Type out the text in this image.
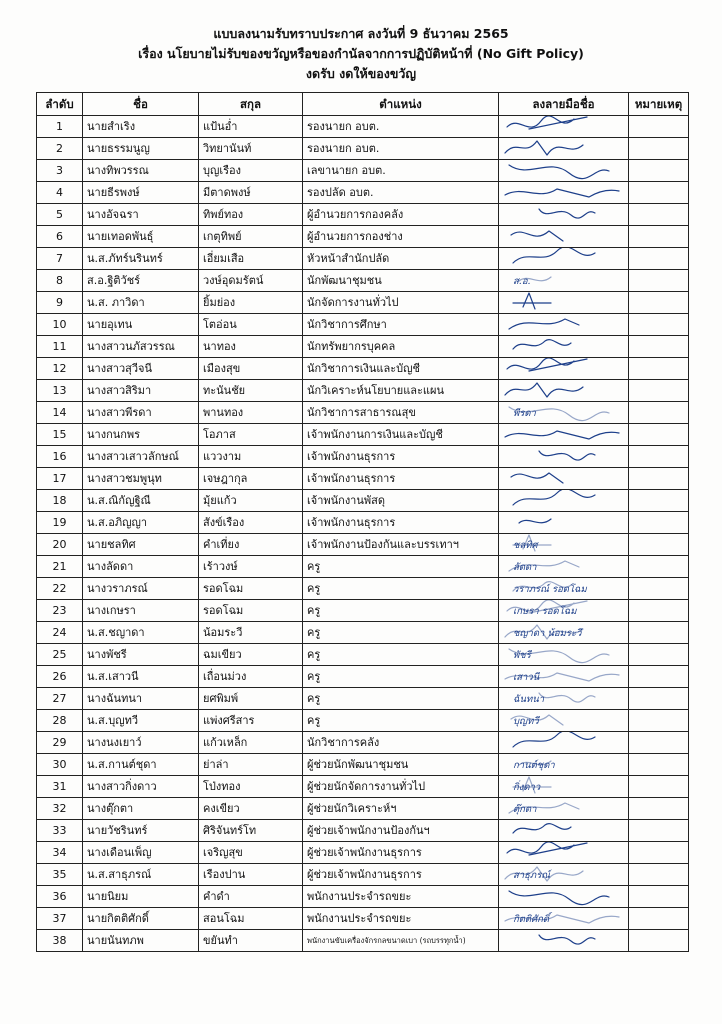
แบบลงนามรับทราบประกาศ ลงวันที่ 9 ธันวาคม 2565
เรื่อง นโยบายไม่รับของขวัญหรือของกำนัลจากการปฏิบัติหน้าที่ (No Gift Policy)
งดรับ งดให้ของขวัญ
ลำดับ	ชื่อ	สกุล	ตำแหน่ง	ลงลายมือชื่อ	หมายเหตุ
1	นายสำเริง	แป้นอ่ำ	รองนายก อบต.	

2	นายธรรมนูญ	วิทยานันท์	รองนายก อบต.	

3	นางทิพวรรณ	บุญเรือง	เลขานายก อบต.	

4	นายธีรพงษ์	มีตาดพงษ์	รองปลัด อบต.	

5	นางอัจฉรา	ทิพย์ทอง	ผู้อำนวยการกองคลัง	

6	นายเทอดพันธุ์	เกตุทิพย์	ผู้อำนวยการกองช่าง	

7	น.ส.ภัทร์นรินทร์	เอี่ยมเสือ	หัวหน้าสำนักปลัด	

8	ส.อ.ฐิติวัชร์	วงษ์อุดมรัตน์	นักพัฒนาชุมชน	ส.อ.	

9	น.ส. ภาวิดา	ยิ้มย่อง	นักจัดการงานทั่วไป	

10	นายอุเทน	โตอ่อน	นักวิชาการศึกษา	

11	นางสาวนภัสวรรณ	นาทอง	นักทรัพยากรบุคคล	

12	นางสาวสุวีจนี	เมืองสุข	นักวิชาการเงินและบัญชี	

13	นางสาวสิริมา	ทะนันชัย	นักวิเคราะห์นโยบายและแผน	

14	นางสาวพีรดา	พานทอง	นักวิชาการสาธารณสุข	พีรดา	

15	นางกนกพร	โอภาส	เจ้าพนักงานการเงินและบัญชี	

16	นางสาวเสาวลักษณ์	แววงาม	เจ้าพนักงานธุรการ	

17	นางสาวชมพูนุท	เจษฎากุล	เจ้าพนักงานธุรการ	

18	น.ส.ณิกัญฐิณี	มุ้ยแก้ว	เจ้าพนักงานพัสดุ	

19	น.ส.อภิญญา	สังข์เรือง	เจ้าพนักงานธุรการ	

20	นายชลทิศ	คำเที่ยง	เจ้าพนักงานป้องกันและบรรเทาฯ	ชลทิศ	

21	นางลัดดา	เร้าวงษ์	ครู	ลัดดา	

22	นางวราภรณ์	รอดโฉม	ครู	วราภรณ์ รอดโฉม	

23	นางเกษรา	รอดโฉม	ครู	เกษรา รอดโฉม	

24	น.ส.ชญาดา	น้อมระวี	ครู	ชญาดา น้อมระวี	

25	นางพัชรี	ฉมเขียว	ครู	พัชรี	

26	น.ส.เสาวนี	เถื่อนม่วง	ครู	เสาวนี	

27	นางฉันทนา	ยศพิมพ์	ครู	ฉันทนา	

28	น.ส.บุญทวี	แพ่งศรีสาร	ครู	บุญทวี	

29	นางนงเยาว์	แก้วเหล็ก	นักวิชาการคลัง	

30	น.ส.กานต์ชุดา	ย่าล่า	ผู้ช่วยนักพัฒนาชุมชน	กานต์ชุดา	

31	นางสาวกิ่งดาว	โป่งทอง	ผู้ช่วยนักจัดการงานทั่วไป	กิ่งดาว	

32	นางตุ๊กตา	คงเขียว	ผู้ช่วยนักวิเคราะห์ฯ	ตุ๊กตา	

33	นายวัชรินทร์	ศิริจันทร์โท	ผู้ช่วยเจ้าพนักงานป้องกันฯ	

34	นางเดือนเพ็ญ	เจริญสุข	ผู้ช่วยเจ้าพนักงานธุรการ	

35	น.ส.สาธุภรณ์	เรืองปาน	ผู้ช่วยเจ้าพนักงานธุรการ	สาธุภรณ์	

36	นายนิยม	คำดำ	พนักงานประจำรถขยะ	

37	นายกิตติศักดิ์	สอนโฉม	พนักงานประจำรถขยะ	กิตติศักดิ์	

38	นายนันทภพ	ขยันทำ	พนักงานขับเครื่องจักรกลขนาดเบา (รถบรรทุกน้ำ)	
